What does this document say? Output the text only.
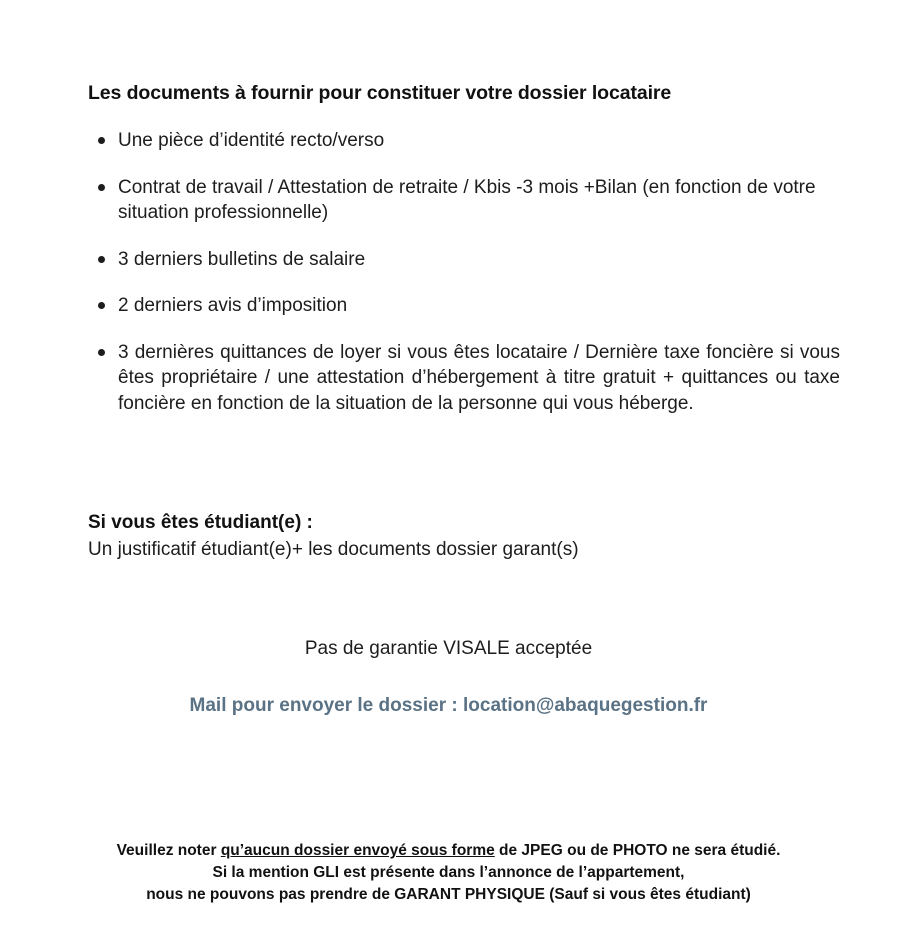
Les documents à fournir pour constituer votre dossier locataire
Une pièce d’identité recto/verso
Contrat de travail / Attestation de retraite / Kbis -3 mois +Bilan (en fonction de votre situation professionnelle)
3 derniers bulletins de salaire
2 derniers avis d’imposition
3 dernières quittances de loyer si vous êtes locataire / Dernière taxe foncière si vous êtes propriétaire / une attestation d’hébergement à titre gratuit + quittances ou taxe foncière en fonction de la situation de la personne qui vous héberge.
Si vous êtes étudiant(e) :
Un justificatif étudiant(e)+ les documents dossier garant(s)
Pas de garantie VISALE acceptée
Mail pour envoyer le dossier : location@abaquegestion.fr
Veuillez noter qu’aucun dossier envoyé sous forme de JPEG ou de PHOTO ne sera étudié.
Si la mention GLI est présente dans l’annonce de l’appartement,
nous ne pouvons pas prendre de GARANT PHYSIQUE (Sauf si vous êtes étudiant)
